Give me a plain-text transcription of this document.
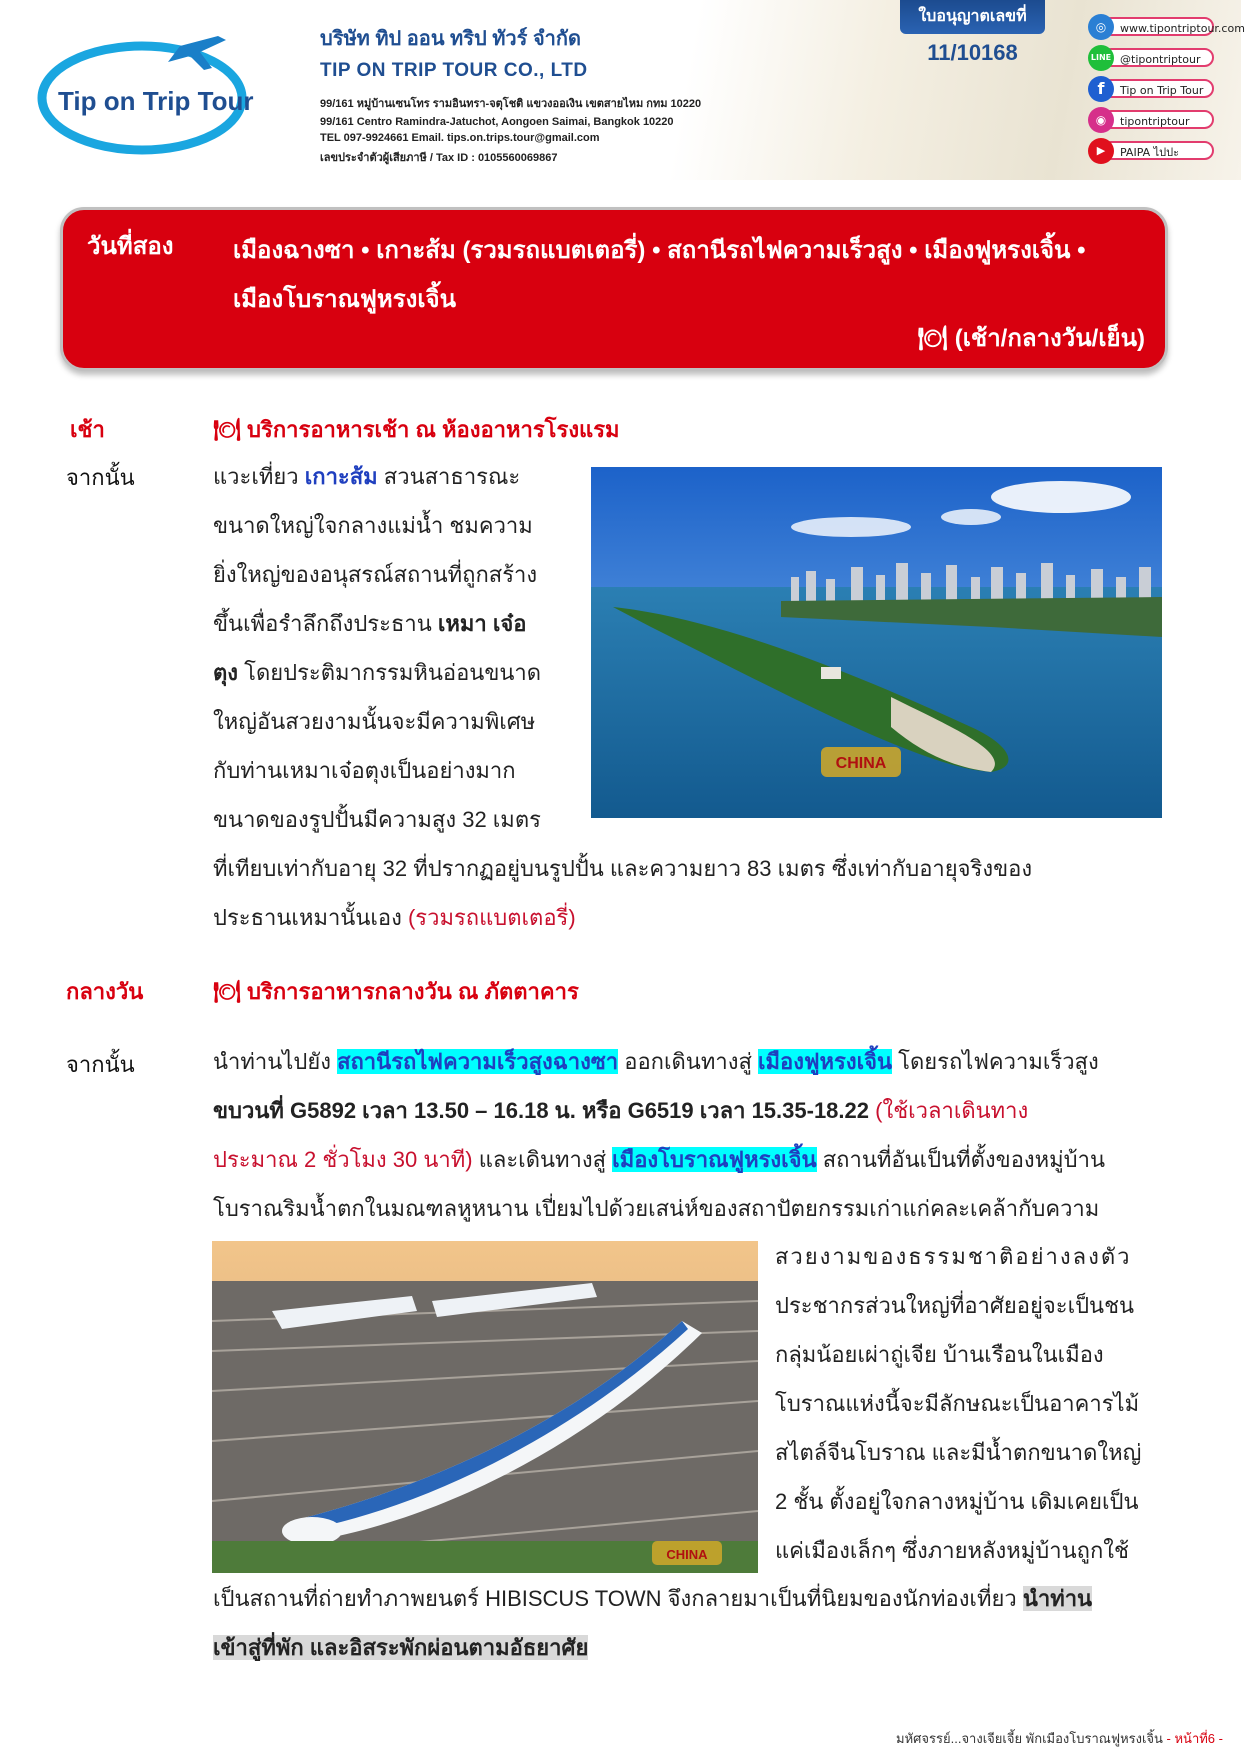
Tip on Trip Tour
บริษัท ทิป ออน ทริป ทัวร์ จำกัด
TIP ON TRIP TOUR CO., LTD
99/161 หมู่บ้านเซนโทร รามอินทรา-จตุโชติ แขวงออเงิน เขตสายไหม กทม 10220
99/161 Centro Ramindra-Jatuchot, Aongoen Saimai, Bangkok 10220
TEL 097-9924661 Email. tips.on.trips.tour@gmail.com
เลขประจำตัวผู้เสียภาษี / Tax ID : 0105560069867
ใบอนุญาตเลขที่
11/10168
www.tipontriptour.com
◎
@tipontriptour
LINE
Tip on Trip Tour
f
tipontriptour
◉
PAIPA ไปปะ
▶
วันที่สอง เมืองฉางซา • เกาะส้ม (รวมรถแบตเตอรี่) • สถานีรถไฟความเร็วสูง • เมืองฟูหรงเจิ้น • เมืองโบราณฟูหรงเจิ้น
🍽 (เช้า/กลางวัน/เย็น)
เช้า	🍽 บริการอาหารเช้า ณ ห้องอาหารโรงแรม
จากนั้น	แวะเที่ยว เกาะส้ม สวนสาธารณะ
ขนาดใหญ่ใจกลางแม่น้ำ ชมความ
ยิ่งใหญ่ของอนุสรณ์สถานที่ถูกสร้าง
ขึ้นเพื่อรำลึกถึงประธาน เหมา เจ๋อ
ตุง โดยประติมากรรมหินอ่อนขนาด
ใหญ่อันสวยงามนั้นจะมีความพิเศษ
กับท่านเหมาเจ๋อตุงเป็นอย่างมาก
ขนาดของรูปปั้นมีความสูง 32 เมตร
ที่เทียบเท่ากับอายุ 32 ที่ปรากฏอยู่บนรูปปั้น และความยาว 83 เมตร ซึ่งเท่ากับอายุจริงของ
ประธานเหมานั้นเอง (รวมรถแบตเตอรี่)
CHINA
กลางวัน	🍽 บริการอาหารกลางวัน ณ ภัตตาคาร
จากนั้น	นำท่านไปยัง สถานีรถไฟความเร็วสูงฉางซา ออกเดินทางสู่ เมืองฟูหรงเจิ้น โดยรถไฟความเร็วสูง
ขบวนที่ G5892 เวลา 13.50 – 16.18 น. หรือ G6519 เวลา 15.35-18.22 (ใช้เวลาเดินทาง
ประมาณ 2 ชั่วโมง 30 นาที) และเดินทางสู่ เมืองโบราณฟูหรงเจิ้น สถานที่อันเป็นที่ตั้งของหมู่บ้าน
โบราณริมน้ำตกในมณฑลหูหนาน เปี่ยมไปด้วยเสน่ห์ของสถาปัตยกรรมเก่าแก่คละเคล้ากับความ
สวยงามของธรรมชาติอย่างลงตัว
ประชากรส่วนใหญ่ที่อาศัยอยู่จะเป็นชน
กลุ่มน้อยเผ่าถู่เจีย บ้านเรือนในเมือง
โบราณแห่งนี้จะมีลักษณะเป็นอาคารไม้
สไตล์จีนโบราณ และมีน้ำตกขนาดใหญ่
2 ชั้น ตั้งอยู่ใจกลางหมู่บ้าน เดิมเคยเป็น
แค่เมืองเล็กๆ ซึ่งภายหลังหมู่บ้านถูกใช้
เป็นสถานที่ถ่ายทำภาพยนตร์ HIBISCUS TOWN จึงกลายมาเป็นที่นิยมของนักท่องเที่ยว นำท่าน
เข้าสู่ที่พัก และอิสระพักผ่อนตามอัธยาศัย
CHINA
มหัศจรรย์...จางเจียเจี้ย พักเมืองโบราณฟูหรงเจิ้น - หน้าที่6 -
